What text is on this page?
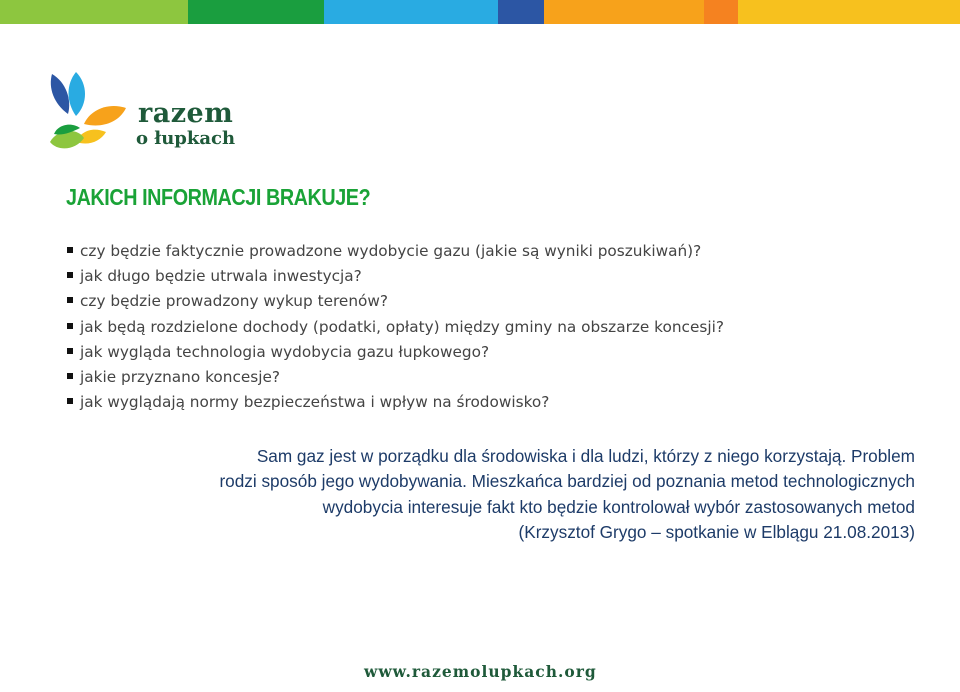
razem
o łupkach
JAKICH INFORMACJI BRAKUJE?
czy będzie faktycznie prowadzone wydobycie gazu (jakie są wyniki poszukiwań)?
jak długo będzie utrwala inwestycja?
czy będzie prowadzony wykup terenów?
jak będą rozdzielone dochody (podatki, opłaty) między gminy na obszarze koncesji?
jak wygląda technologia wydobycia gazu łupkowego?
jakie przyznano koncesje?
jak wyglądają normy bezpieczeństwa i wpływ na środowisko?
Sam gaz jest w porządku dla środowiska i dla ludzi, którzy z niego korzystają. Problem
rodzi sposób jego wydobywania. Mieszkańca bardziej od poznania metod technologicznych
wydobycia interesuje fakt kto będzie kontrolował wybór zastosowanych metod
(Krzysztof Grygo – spotkanie w Elblągu 21.08.2013)
www.razemolupkach.org
